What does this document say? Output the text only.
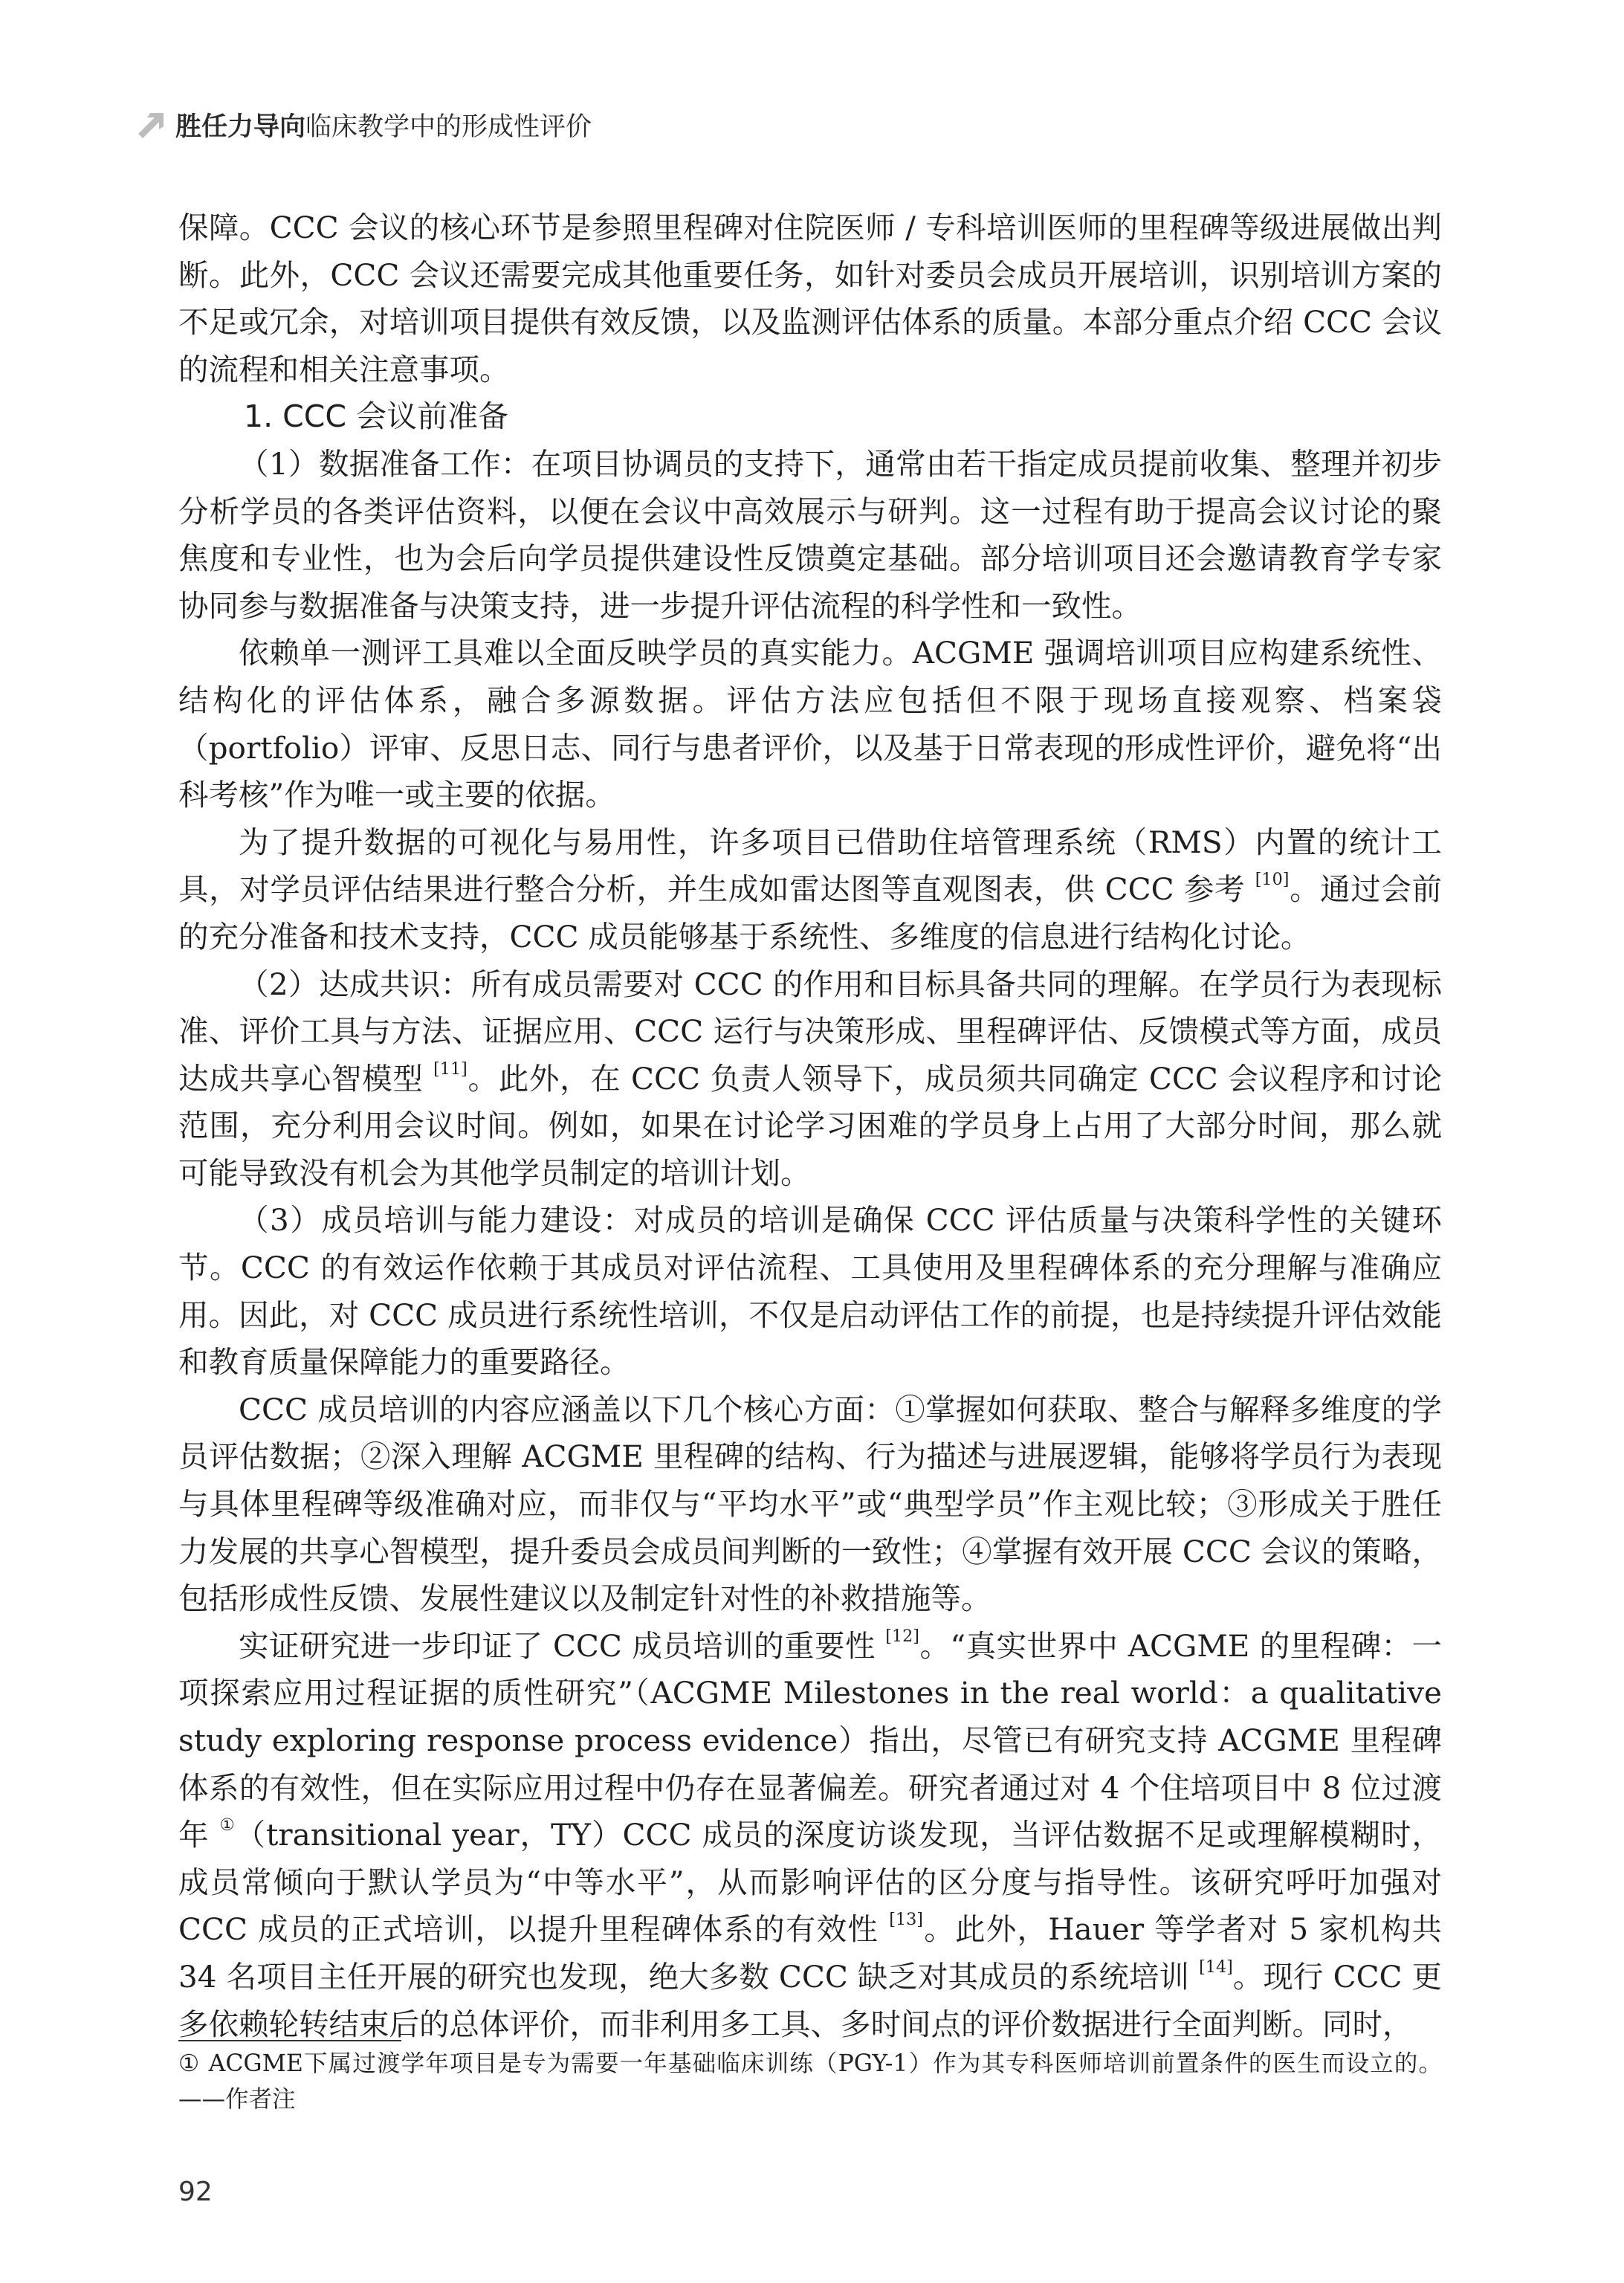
胜任力导向临床教学中的形成性评价

保障。CCC 会议的核心环节是参照里程碑对住院医师 / 专科培训医师的里程碑等级进展做出判断。此外，CCC 会议还需要完成其他重要任务，如针对委员会成员开展培训，识别培训方案的不足或冗余，对培训项目提供有效反馈，以及监测评估体系的质量。本部分重点介绍 CCC 会议的流程和相关注意事项。

1. CCC 会议前准备

（1）数据准备工作：在项目协调员的支持下，通常由若干指定成员提前收集、整理并初步分析学员的各类评估资料，以便在会议中高效展示与研判。这一过程有助于提高会议讨论的聚焦度和专业性，也为会后向学员提供建设性反馈奠定基础。部分培训项目还会邀请教育学专家协同参与数据准备与决策支持，进一步提升评估流程的科学性和一致性。

依赖单一测评工具难以全面反映学员的真实能力。ACGME 强调培训项目应构建系统性、结构化的评估体系，融合多源数据。评估方法应包括但不限于现场直接观察、档案袋（portfolio）评审、反思日志、同行与患者评价，以及基于日常表现的形成性评价，避免将“出科考核”作为唯一或主要的依据。

为了提升数据的可视化与易用性，许多项目已借助住培管理系统（RMS）内置的统计工具，对学员评估结果进行整合分析，并生成如雷达图等直观图表，供 CCC 参考 [10]。通过会前的充分准备和技术支持，CCC 成员能够基于系统性、多维度的信息进行结构化讨论。

（2）达成共识：所有成员需要对 CCC 的作用和目标具备共同的理解。在学员行为表现标准、评价工具与方法、证据应用、CCC 运行与决策形成、里程碑评估、反馈模式等方面，成员达成共享心智模型 [11]。此外，在 CCC 负责人领导下，成员须共同确定 CCC 会议程序和讨论范围，充分利用会议时间。例如，如果在讨论学习困难的学员身上占用了大部分时间，那么就可能导致没有机会为其他学员制定的培训计划。

（3）成员培训与能力建设：对成员的培训是确保 CCC 评估质量与决策科学性的关键环节。CCC 的有效运作依赖于其成员对评估流程、工具使用及里程碑体系的充分理解与准确应用。因此，对 CCC 成员进行系统性培训，不仅是启动评估工作的前提，也是持续提升评估效能和教育质量保障能力的重要路径。

CCC 成员培训的内容应涵盖以下几个核心方面：①掌握如何获取、整合与解释多维度的学员评估数据；②深入理解 ACGME 里程碑的结构、行为描述与进展逻辑，能够将学员行为表现与具体里程碑等级准确对应，而非仅与“平均水平”或“典型学员”作主观比较；③形成关于胜任力发展的共享心智模型，提升委员会成员间判断的一致性；④掌握有效开展 CCC 会议的策略，包括形成性反馈、发展性建议以及制定针对性的补救措施等。

实证研究进一步印证了 CCC 成员培训的重要性 [12]。“真实世界中 ACGME 的里程碑：一项探索应用过程证据的质性研究”（ACGME Milestones in the real world：a qualitative study exploring response process evidence）指出，尽管已有研究支持 ACGME 里程碑体系的有效性，但在实际应用过程中仍存在显著偏差。研究者通过对 4 个住培项目中 8 位过渡年 ①（transitional year，TY）CCC 成员的深度访谈发现，当评估数据不足或理解模糊时，成员常倾向于默认学员为“中等水平”，从而影响评估的区分度与指导性。该研究呼吁加强对 CCC 成员的正式培训，以提升里程碑体系的有效性 [13]。此外，Hauer 等学者对 5 家机构共 34 名项目主任开展的研究也发现，绝大多数 CCC 缺乏对其成员的系统培训 [14]。现行 CCC 更多依赖轮转结束后的总体评价，而非利用多工具、多时间点的评价数据进行全面判断。同时，

① ACGME下属过渡学年项目是专为需要一年基础临床训练（PGY-1）作为其专科医师培训前置条件的医生而设立的。——作者注
92
